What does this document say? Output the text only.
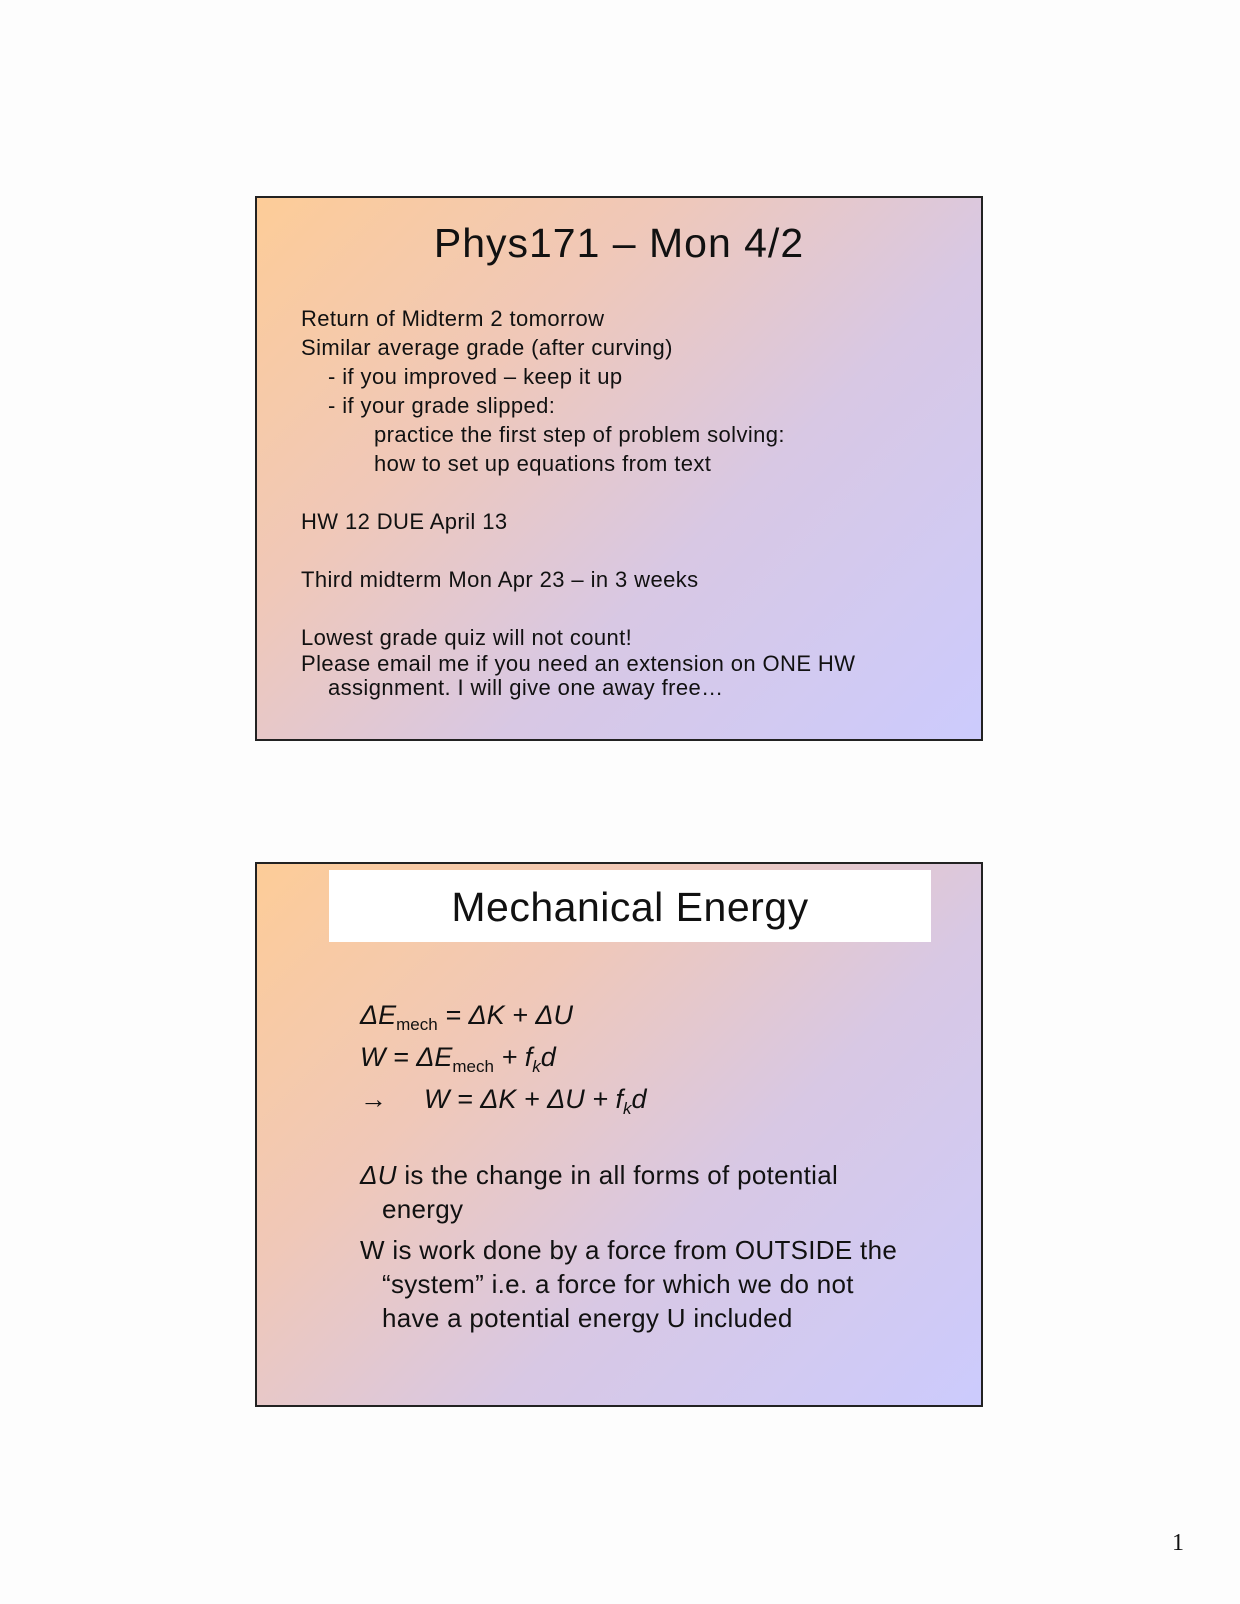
Phys171 – Mon 4/2
Return of Midterm 2 tomorrow
Similar average grade (after curving)
- if you improved – keep it up
- if your grade slipped:
practice the first step of problem solving:
how to set up equations from text
HW 12 DUE April 13
Third midterm Mon Apr 23 – in 3 weeks
Lowest grade quiz will not count!
Please email me if you need an extension on ONE HW
assignment. I will give one away free…
Mechanical Energy
$\Delta E_{mech} = \Delta K + \Delta U$
$W = \Delta E_{mech} + f_kd$
→ $W = \Delta K + \Delta U + f_kd$
ΔU is the change in all forms of potential
energy
W is work done by a force from OUTSIDE the
“system” i.e. a force for which we do not
have a potential energy U included
1
